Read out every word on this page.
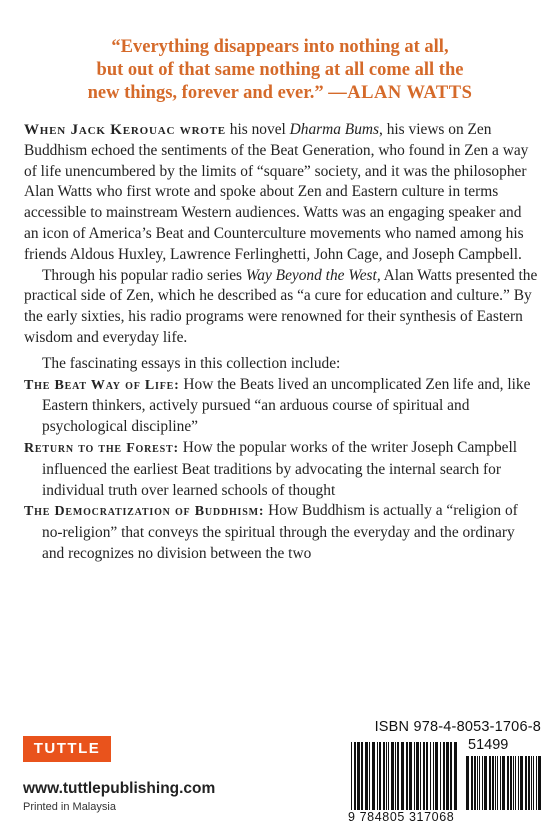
“Everything disappears into nothing at all,
but out of that same nothing at all come all the
new things, forever and ever.” —ALAN WATTS

When Jack Kerouac wrote his novel Dharma Bums, his views on Zen Buddhism echoed the sentiments of the Beat Generation, who found in Zen a way of life unencumbered by the limits of “square” society, and it was the philosopher Alan Watts who first wrote and spoke about Zen and Eastern culture in terms accessible to mainstream Western audiences. Watts was an engaging speaker and an icon of America’s Beat and Counterculture movements who named among his friends Aldous Huxley, Lawrence Ferlinghetti, John Cage, and Joseph Campbell.

Through his popular radio series Way Beyond the West, Alan Watts presented the practical side of Zen, which he described as “a cure for education and culture.” By the early sixties, his radio programs were renowned for their synthesis of Eastern wisdom and everyday life.

The fascinating essays in this collection include:

The Beat Way of Life: How the Beats lived an uncomplicated Zen life and, like Eastern thinkers, actively pursued “an arduous course of spiritual and psychological discipline”

Return to the Forest: How the popular works of the writer Joseph Campbell influenced the earliest Beat traditions by advocating the internal search for individual truth over learned schools of thought

The Democratization of Buddhism: How Buddhism is actually a “religion of no-religion” that conveys the spiritual through the everyday and the ordinary and recognizes no division between the two

TUTTLE
www.tuttlepublishing.com
Printed in Malaysia
ISBN 978-4-8053-1706-8
51499
9 784805 317068
